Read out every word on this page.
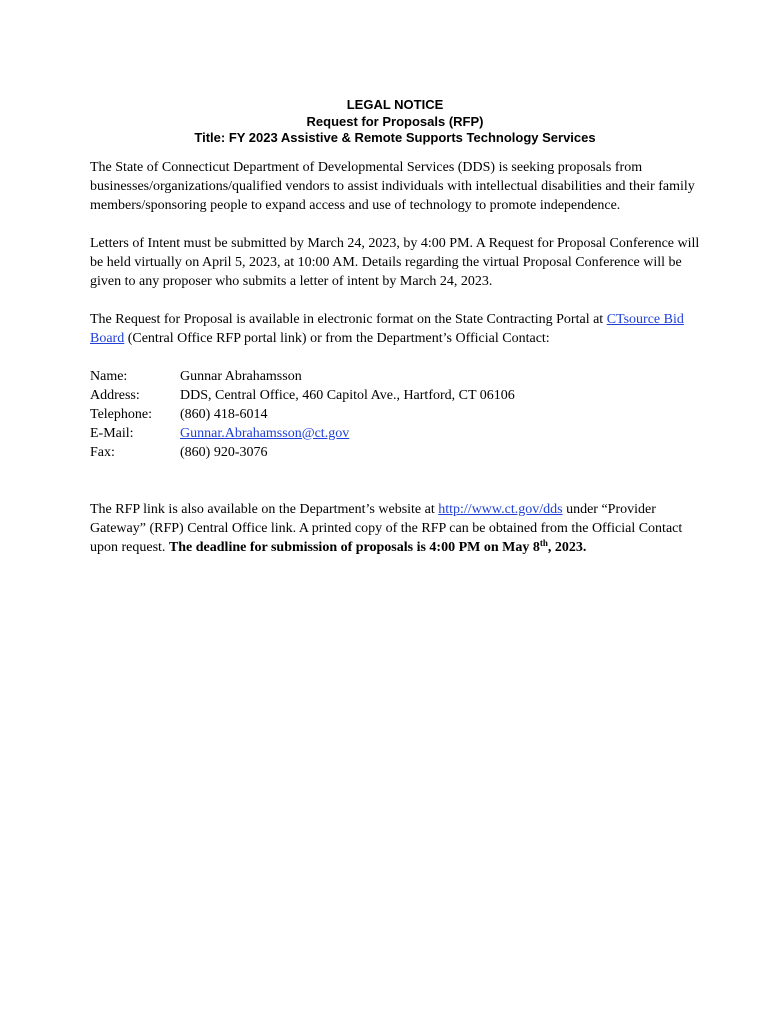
LEGAL NOTICE
Request for Proposals (RFP)
Title: FY 2023 Assistive & Remote Supports Technology Services

The State of Connecticut Department of Developmental Services (DDS) is seeking proposals from businesses/organizations/qualified vendors to assist individuals with intellectual disabilities and their family members/sponsoring people to expand access and use of technology to promote independence.

Letters of Intent must be submitted by March 24, 2023, by 4:00 PM. A Request for Proposal Conference will be held virtually on April 5, 2023, at 10:00 AM. Details regarding the virtual Proposal Conference will be given to any proposer who submits a letter of intent by March 24, 2023.

The Request for Proposal is available in electronic format on the State Contracting Portal at CTsource Bid Board (Central Office RFP portal link) or from the Department’s Official Contact:

Name:	Gunnar Abrahamsson
Address:	DDS, Central Office, 460 Capitol Ave., Hartford, CT 06106
Telephone:	(860) 418-6014
E-Mail:	Gunnar.Abrahamsson@ct.gov
Fax:	(860) 920-3076

The RFP link is also available on the Department’s website at http://www.ct.gov/dds under “Provider Gateway” (RFP) Central Office link. A printed copy of the RFP can be obtained from the Official Contact upon request. The deadline for submission of proposals is 4:00 PM on May 8th, 2023.
